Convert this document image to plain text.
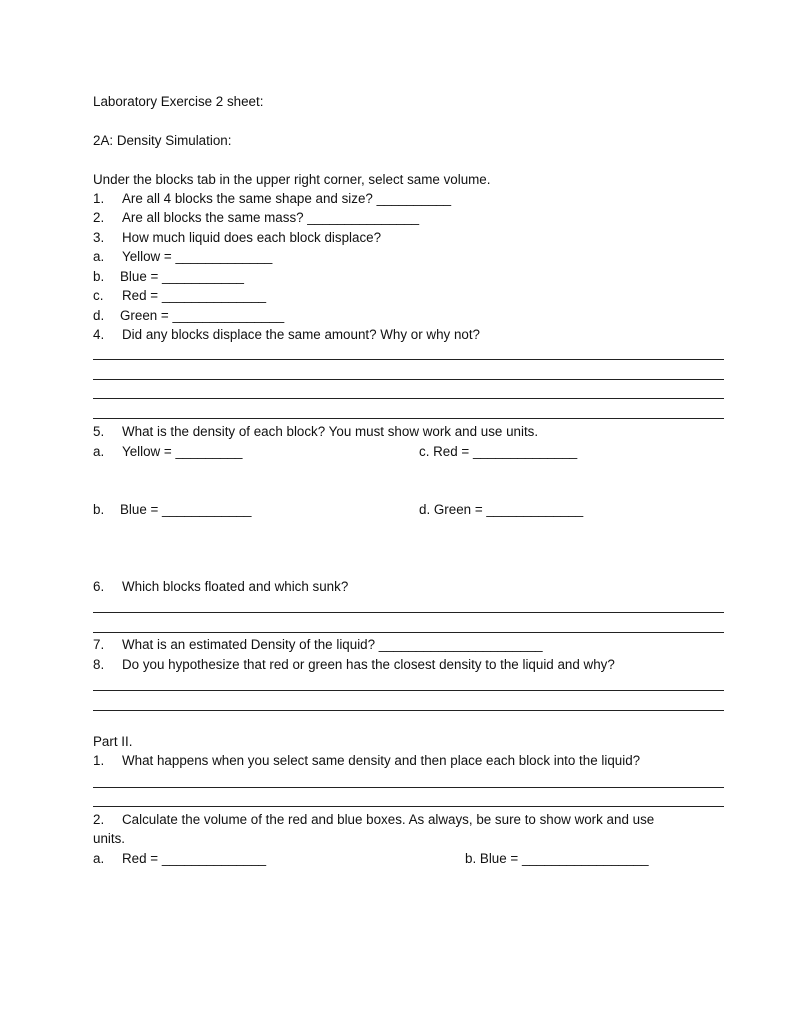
Laboratory Exercise 2 sheet:
2A: Density Simulation:
Under the blocks tab in the upper right corner, select same volume.
1. Are all 4 blocks the same shape and size? __________
2. Are all blocks the same mass? _______________
3. How much liquid does each block displace?
a. Yellow = _____________
b. Blue = ___________
c. Red = ______________
d. Green = _______________
4. Did any blocks displace the same amount? Why or why not?
5. What is the density of each block? You must show work and use units.
a. Yellow = _________	c. Red = ______________
b. Blue = ____________	d. Green = _____________
6. Which blocks floated and which sunk?
7. What is an estimated Density of the liquid? ______________________
8. Do you hypothesize that red or green has the closest density to the liquid and why?
Part II.
1. What happens when you select same density and then place each block into the liquid?
2. Calculate the volume of the red and blue boxes. As always, be sure to show work and use
units.
a. Red = ______________	b. Blue = _________________
